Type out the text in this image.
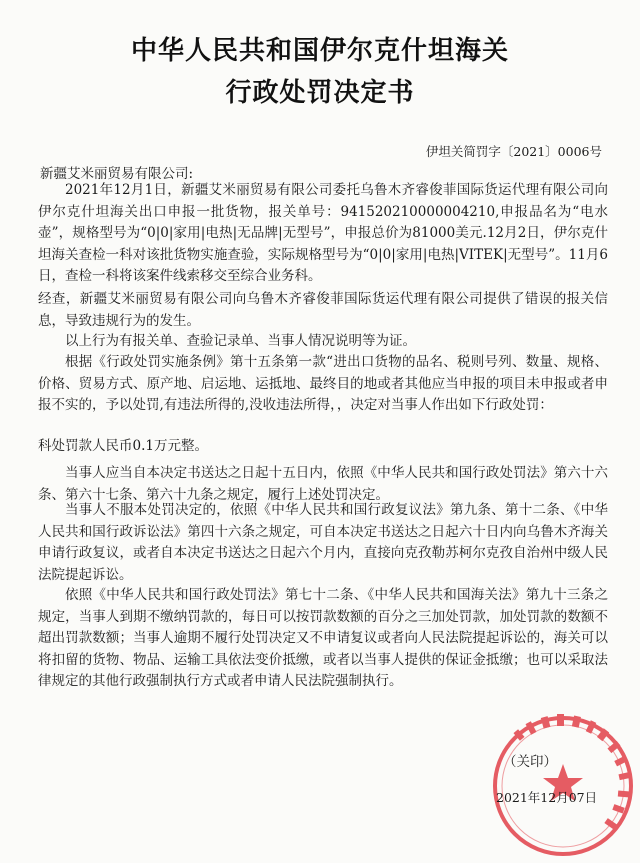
中华人民共和国伊尔克什坦海关
行政处罚决定书
伊坦关简罚字〔2021〕0006号
新疆艾米丽贸易有限公司:
2021年12月1日，新疆艾米丽贸易有限公司委托乌鲁木齐睿俊菲国际货运代理有限公司向伊尔克什坦海关出口申报一批货物，报关单号：941520210000004210,申报品名为“电水壶”，规格型号为“0|0|家用|电热|无品牌|无型号”，申报总价为81000美元.12月2日，伊尔克什坦海关查检一科对该批货物实施查验，实际规格型号为“0|0|家用|电热|VITEK|无型号”。11月6日，查检一科将该案件线索移交至综合业务科。
经查，新疆艾米丽贸易有限公司向乌鲁木齐睿俊菲国际货运代理有限公司提供了错误的报关信息，导致违规行为的发生。
以上行为有报关单、查验记录单、当事人情况说明等为证。
根据《行政处罚实施条例》第十五条第一款“进出口货物的品名、税则号列、数量、规格、价格、贸易方式、原产地、启运地、运抵地、最终目的地或者其他应当申报的项目未申报或者申报不实的，予以处罚,有违法所得的,没收违法所得，，决定对当事人作出如下行政处罚：
科处罚款人民币0.1万元整。
当事人应当自本决定书送达之日起十五日内，依照《中华人民共和国行政处罚法》第六十六条、第六十七条、第六十九条之规定，履行上述处罚决定。
当事人不服本处罚决定的，依照《中华人民共和国行政复议法》第九条、第十二条、《中华人民共和国行政诉讼法》第四十六条之规定，可自本决定书送达之日起六十日内向乌鲁木齐海关申请行政复议，或者自本决定书送达之日起六个月内，直接向克孜勒苏柯尔克孜自治州中级人民法院提起诉讼。
依照《中华人民共和国行政处罚法》第七十二条、《中华人民共和国海关法》第九十三条之规定，当事人到期不缴纳罚款的，每日可以按罚款数额的百分之三加处罚款，加处罚款的数额不超出罚款数额；当事人逾期不履行处罚决定又不申请复议或者向人民法院提起诉讼的，海关可以将扣留的货物、物品、运输工具依法变价抵缴，或者以当事人提供的保证金抵缴；也可以采取法律规定的其他行政强制执行方式或者申请人民法院强制执行。
（关印）
2021年12月07日
